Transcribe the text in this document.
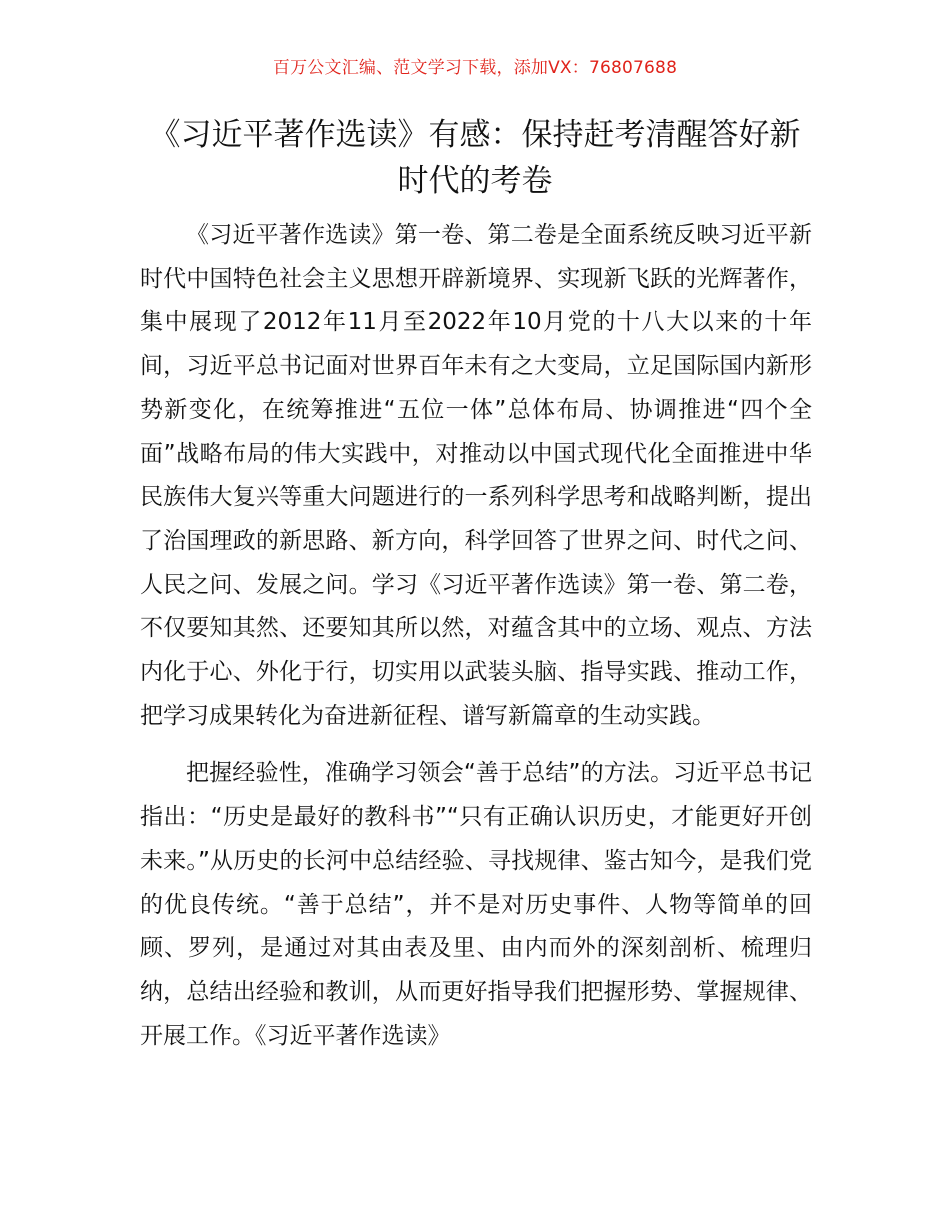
百万公文汇编、范文学习下载，添加VX：76807688
《习近平著作选读》有感：保持赶考清醒答好新时代的考卷

《习近平著作选读》第一卷、第二卷是全面系统反映习近平新时代中国特色社会主义思想开辟新境界、实现新飞跃的光辉著作，集中展现了2012年11月至2022年10月党的十八大以来的十年间，习近平总书记面对世界百年未有之大变局，立足国际国内新形势新变化，在统筹推进“五位一体”总体布局、协调推进“四个全面”战略布局的伟大实践中，对推动以中国式现代化全面推进中华民族伟大复兴等重大问题进行的一系列科学思考和战略判断，提出了治国理政的新思路、新方向，科学回答了世界之问、时代之问、人民之问、发展之问。学习《习近平著作选读》第一卷、第二卷，不仅要知其然、还要知其所以然，对蕴含其中的立场、观点、方法内化于心、外化于行，切实用以武装头脑、指导实践、推动工作，把学习成果转化为奋进新征程、谱写新篇章的生动实践。

把握经验性，准确学习领会“善于总结”的方法。习近平总书记指出：“历史是最好的教科书”“只有正确认识历史，才能更好开创未来。”从历史的长河中总结经验、寻找规律、鉴古知今，是我们党的优良传统。“善于总结”，并不是对历史事件、人物等简单的回顾、罗列，是通过对其由表及里、由内而外的深刻剖析、梳理归纳，总结出经验和教训，从而更好指导我们把握形势、掌握规律、开展工作。《习近平著作选读》
